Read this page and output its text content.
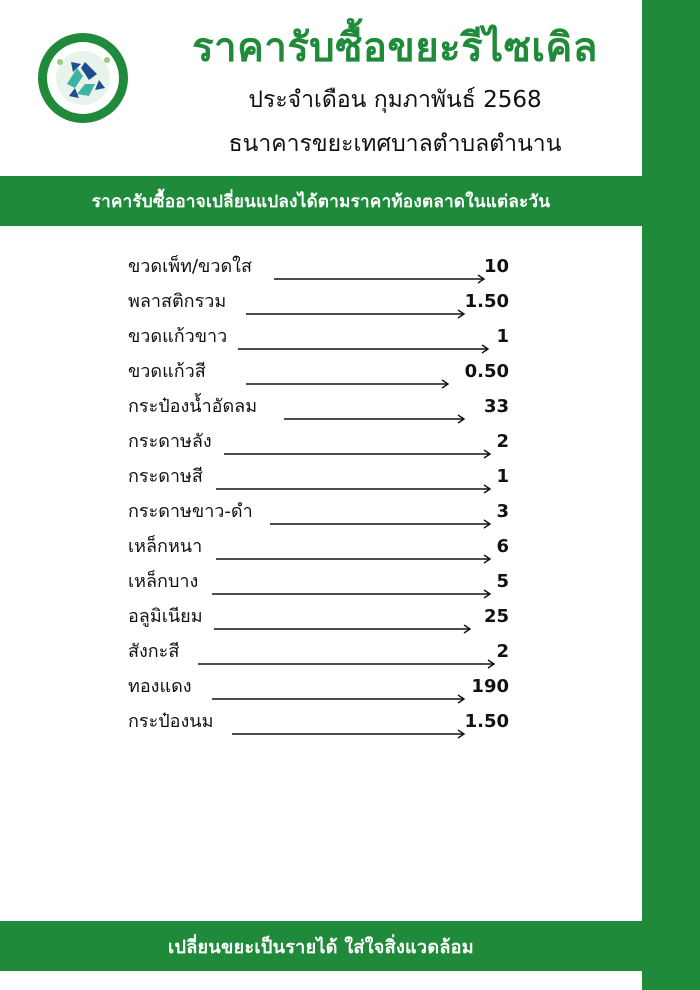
ราคารับซื้อขยะรีไซเคิล
ประจำเดือน กุมภาพันธ์ 2568
ธนาคารขยะเทศบาลตำบลตำนาน
ราคารับซื้ออาจเปลี่ยนแปลงได้ตามราคาท้องตลาดในแต่ละวัน
ขวดเพ็ท/ขวดใส	10
พลาสติกรวม	1.50
ขวดแก้วขาว	1
ขวดแก้วสี	0.50
กระป๋องน้ำอัดลม	33
กระดาษลัง	2
กระดาษสี	1
กระดาษขาว-ดำ	3
เหล็กหนา	6
เหล็กบาง	5
อลูมิเนียม	25
สังกะสี	2
ทองแดง	190
กระป๋องนม	1.50
เปลี่ยนขยะเป็นรายได้ ใส่ใจสิ่งแวดล้อม
